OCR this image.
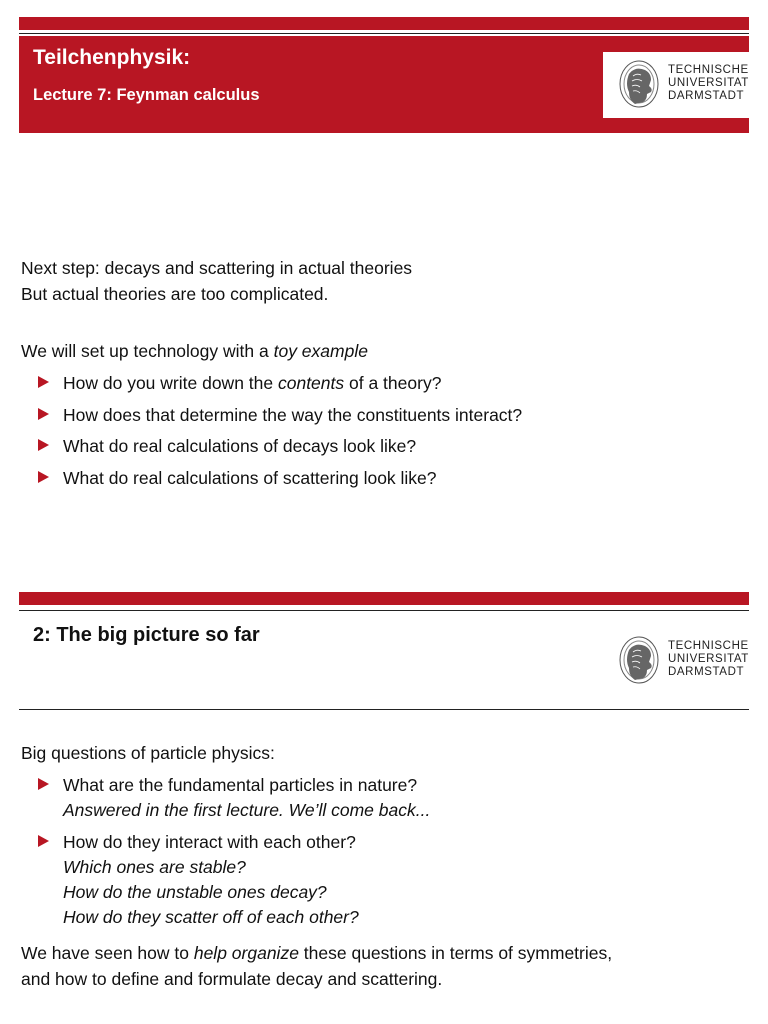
Teilchenphysik:
Lecture 7: Feynman calculus
TECHNISCHE
UNIVERSITAT
DARMSTADT
Next step: decays and scattering in actual theories
But actual theories are too complicated.
We will set up technology with a toy example
How do you write down the contents of a theory?
How does that determine the way the constituents interact?
What do real calculations of decays look like?
What do real calculations of scattering look like?
2: The big picture so far	TECHNISCHE
UNIVERSITAT
DARMSTADT
Big questions of particle physics:
What are the fundamental particles in nature?
Answered in the first lecture. We’ll come back...
How do they interact with each other?
Which ones are stable?
How do the unstable ones decay?
How do they scatter off of each other?
We have seen how to help organize these questions in terms of symmetries,
and how to define and formulate decay and scattering.
